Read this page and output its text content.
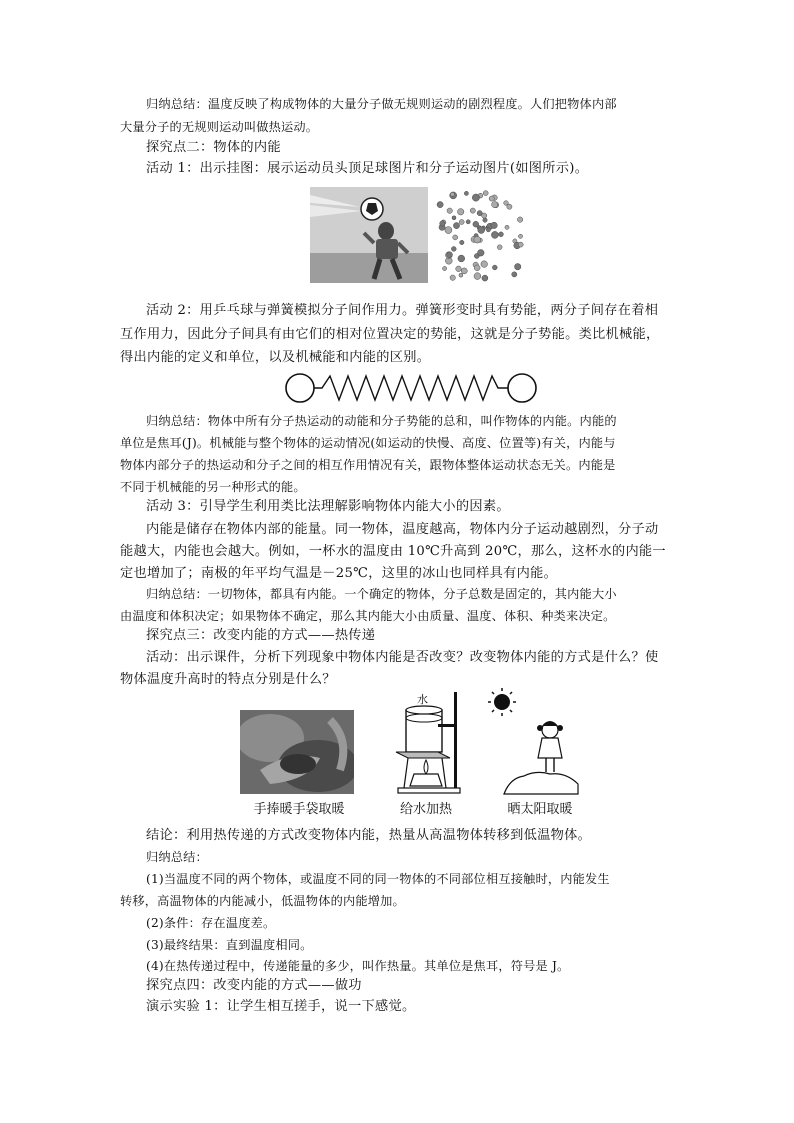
归纳总结：温度反映了构成物体的大量分子做无规则运动的剧烈程度。人们把物体内部
大量分子的无规则运动叫做热运动。
探究点二：物体的内能
活动 1：出示挂图：展示运动员头顶足球图片和分子运动图片(如图所示)。
活动 2：用乒乓球与弹簧模拟分子间作用力。弹簧形变时具有势能，两分子间存在着相
互作用力，因此分子间具有由它们的相对位置决定的势能，这就是分子势能。类比机械能，
得出内能的定义和单位，以及机械能和内能的区别。
归纳总结：物体中所有分子热运动的动能和分子势能的总和，叫作物体的内能。内能的
单位是焦耳(J)。机械能与整个物体的运动情况(如运动的快慢、高度、位置等)有关，内能与
物体内部分子的热运动和分子之间的相互作用情况有关，跟物体整体运动状态无关。内能是
不同于机械能的另一种形式的能。
活动 3：引导学生利用类比法理解影响物体内能大小的因素。
内能是储存在物体内部的能量。同一物体，温度越高，物体内分子运动越剧烈，分子动
能越大，内能也会越大。例如，一杯水的温度由 10℃升高到 20℃，那么，这杯水的内能一
定也增加了；南极的年平均气温是－25℃，这里的冰山也同样具有内能。
归纳总结：一切物体，都具有内能。一个确定的物体，分子总数是固定的，其内能大小
由温度和体积决定；如果物体不确定，那么其内能大小由质量、温度、体积、种类来决定。
探究点三：改变内能的方式——热传递
活动：出示课件，分析下列现象中物体内能是否改变？改变物体内能的方式是什么？使
物体温度升高时的特点分别是什么？
水
手捧暖手袋取暖	给水加热	晒太阳取暖
结论：利用热传递的方式改变物体内能，热量从高温物体转移到低温物体。
归纳总结：
(1)当温度不同的两个物体，或温度不同的同一物体的不同部位相互接触时，内能发生
转移，高温物体的内能减小，低温物体的内能增加。
(2)条件：存在温度差。
(3)最终结果：直到温度相同。
(4)在热传递过程中，传递能量的多少，叫作热量。其单位是焦耳，符号是 J。
探究点四：改变内能的方式——做功
演示实验 1：让学生相互搓手，说一下感觉。
